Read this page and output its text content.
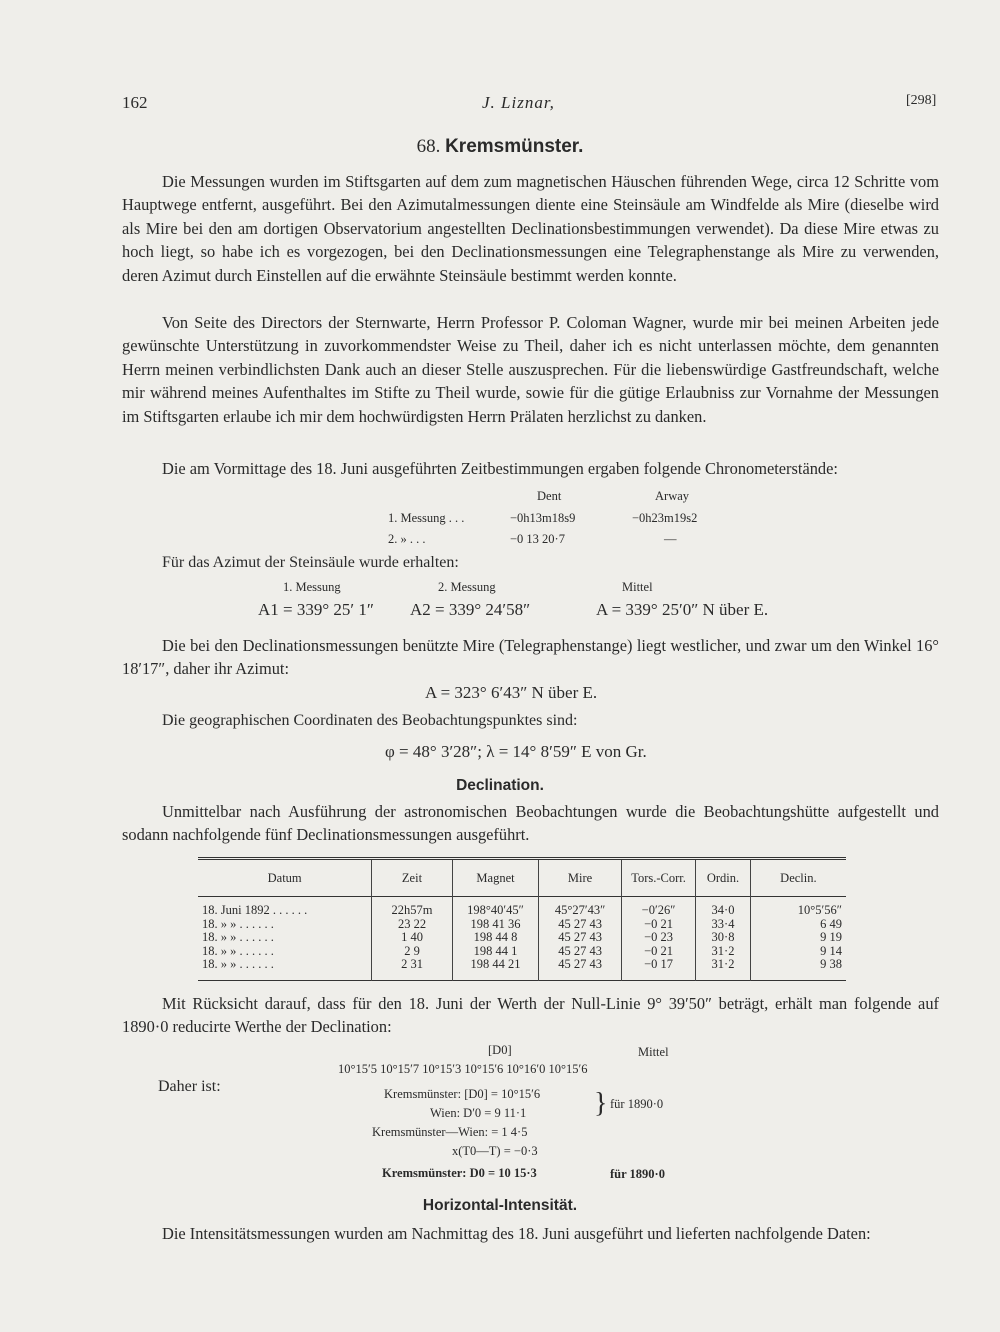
162	J. Liznar,	[298]
68. Kremsmünster.
Die Messungen wurden im Stiftsgarten auf dem zum magnetischen Häuschen führenden Wege, circa 12 Schritte vom Hauptwege entfernt, ausgeführt. Bei den Azimutalmessungen diente eine Steinsäule am Windfelde als Mire (dieselbe wird als Mire bei den am dortigen Observatorium angestellten Declinationsbestimmungen verwendet). Da diese Mire etwas zu hoch liegt, so habe ich es vorgezogen, bei den Declinationsmessungen eine Telegraphenstange als Mire zu verwenden, deren Azimut durch Einstellen auf die erwähnte Steinsäule bestimmt werden konnte.
Von Seite des Directors der Sternwarte, Herrn Professor P. Coloman Wagner, wurde mir bei meinen Arbeiten jede gewünschte Unterstützung in zuvorkommendster Weise zu Theil, daher ich es nicht unterlassen möchte, dem genannten Herrn meinen verbindlichsten Dank auch an dieser Stelle auszusprechen. Für die liebenswürdige Gastfreundschaft, welche mir während meines Aufenthaltes im Stifte zu Theil wurde, sowie für die gütige Erlaubniss zur Vornahme der Messungen im Stiftsgarten erlaube ich mir dem hochwürdigsten Herrn Prälaten herzlichst zu danken.
Die am Vormittage des 18. Juni ausgeführten Zeitbestimmungen ergaben folgende Chronometerstände:
Dent	Arway
1. Messung . . .	−0h13m18s9	−0h23m19s2
2. » . . .	−0 13 20·7	—
Für das Azimut der Steinsäule wurde erhalten:
1. Messung	2. Messung	Mittel
A1 = 339° 25′ 1″ A2 = 339° 24′58″	A = 339° 25′0″ N über E.
Die bei den Declinationsmessungen benützte Mire (Telegraphenstange) liegt westlicher, und zwar um den Winkel 16° 18′17″, daher ihr Azimut:
A = 323° 6′43″ N über E.
Die geographischen Coordinaten des Beobachtungspunktes sind:
φ = 48° 3′28″; λ = 14° 8′59″ E von Gr.
Declination.
Unmittelbar nach Ausführung der astronomischen Beobachtungen wurde die Beobachtungshütte aufgestellt und sodann nachfolgende fünf Declinationsmessungen ausgeführt.
Datum	Zeit	Magnet	Mire	Tors.-Corr.	Ordin.	Declin.
18. Juni 1892 . . . . . .	22h57m	198°40′45″	45°27′43″	−0′26″	34·0	10°5′56″
18. » » . . . . . .	23 22	198 41 36	45 27 43	−0 21	33·4	6 49
18. » » . . . . . .	1 40	198 44 8	45 27 43	−0 23	30·8	9 19
18. » » . . . . . .	2 9	198 44 1	45 27 43	−0 21	31·2	9 14
18. » » . . . . . .	2 31	198 44 21	45 27 43	−0 17	31·2	9 38
Mit Rücksicht darauf, dass für den 18. Juni der Werth der Null-Linie 9° 39′50″ beträgt, erhält man folgende auf 1890·0 reducirte Werthe der Declination:
[D0]	Mittel
10°15′5 10°15′7 10°15′3 10°15′6 10°16′0 10°15′6
Daher ist:	Kremsmünster: [D0] = 10°15′6
Wien: D′0 = 9 11·1 } für 1890·0
Kremsmünster—Wien: = 1 4·5
x(T0—T) = −0·3
Kremsmünster: D0 = 10 15·3	für 1890·0
Horizontal-Intensität.
Die Intensitätsmessungen wurden am Nachmittag des 18. Juni ausgeführt und lieferten nachfolgende Daten:
